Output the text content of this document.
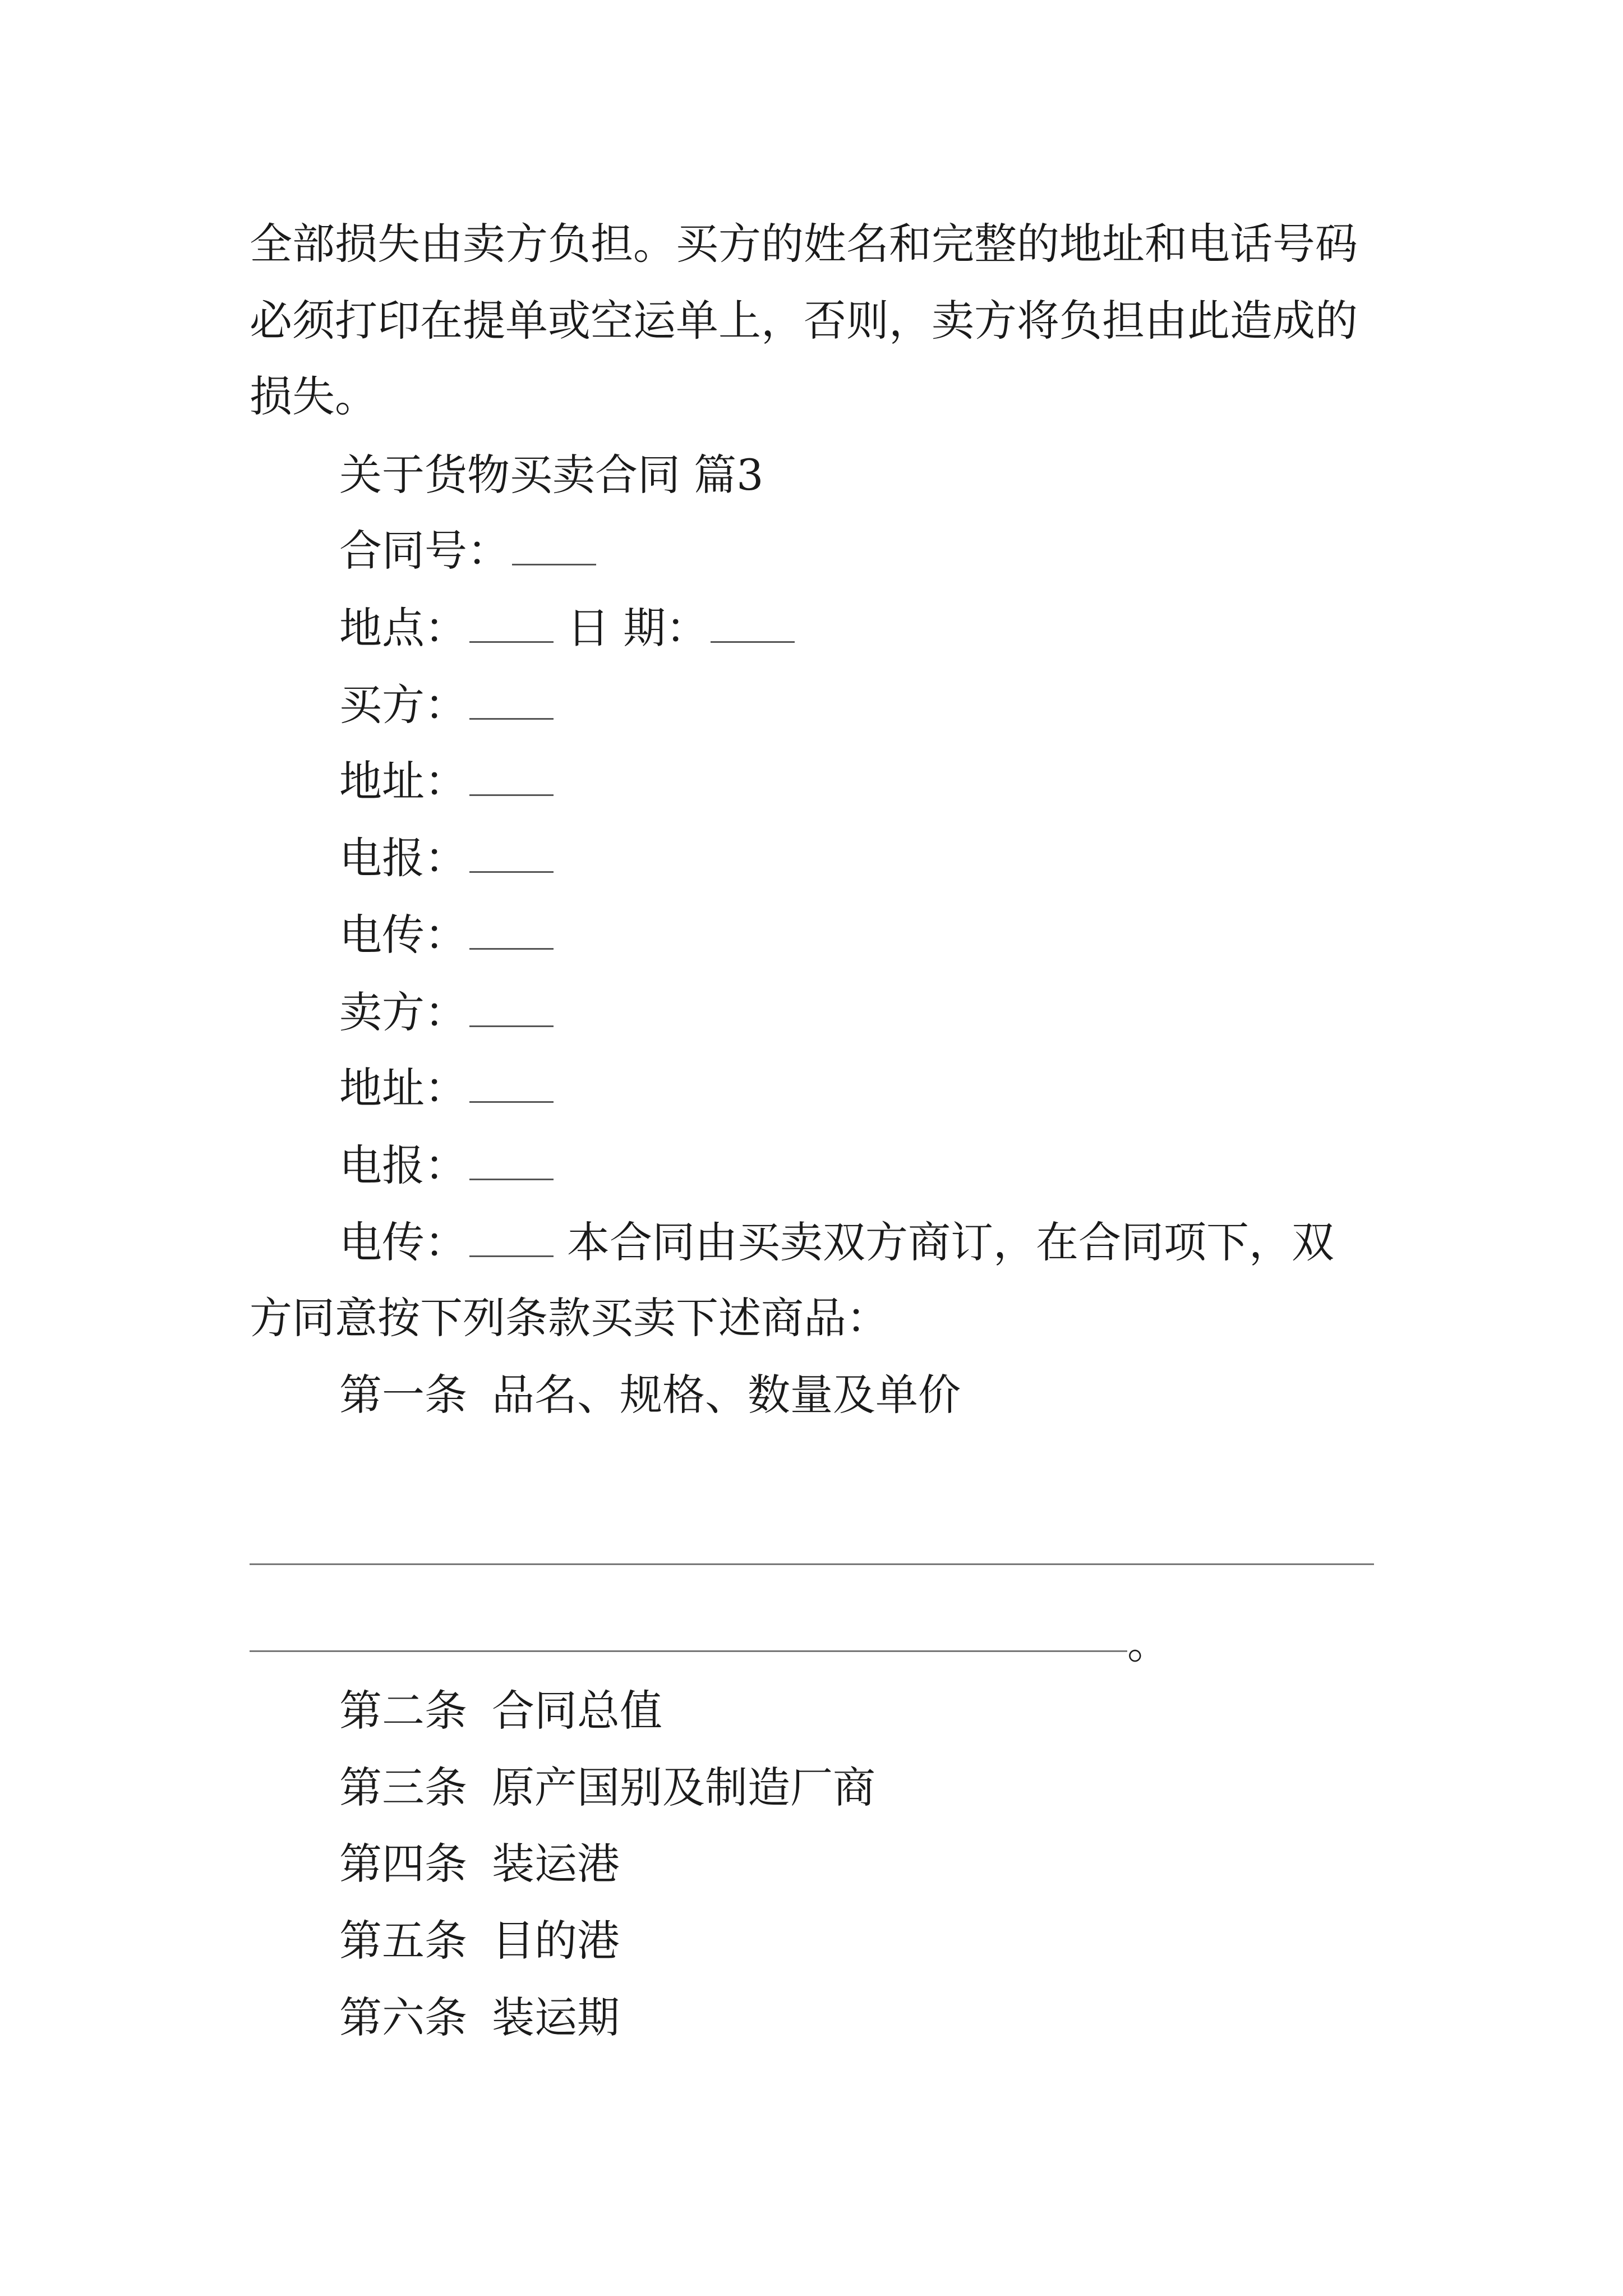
全部损失由卖方负担。买方的姓名和完整的地址和电话号码
必须打印在提单或空运单上，否则，卖方将负担由此造成的
损失。
关于货物买卖合同 篇3
合同号：
地点： 日 期：
买方：
地址：
电报：
电传：
卖方：
地址：
电报：
电传： 本合同由买卖双方商订，在合同项下，双
方同意按下列条款买卖下述商品：
第一条 品名、规格、数量及单价
。
第二条 合同总值
第三条 原产国别及制造厂商
第四条 装运港
第五条 目的港
第六条 装运期
